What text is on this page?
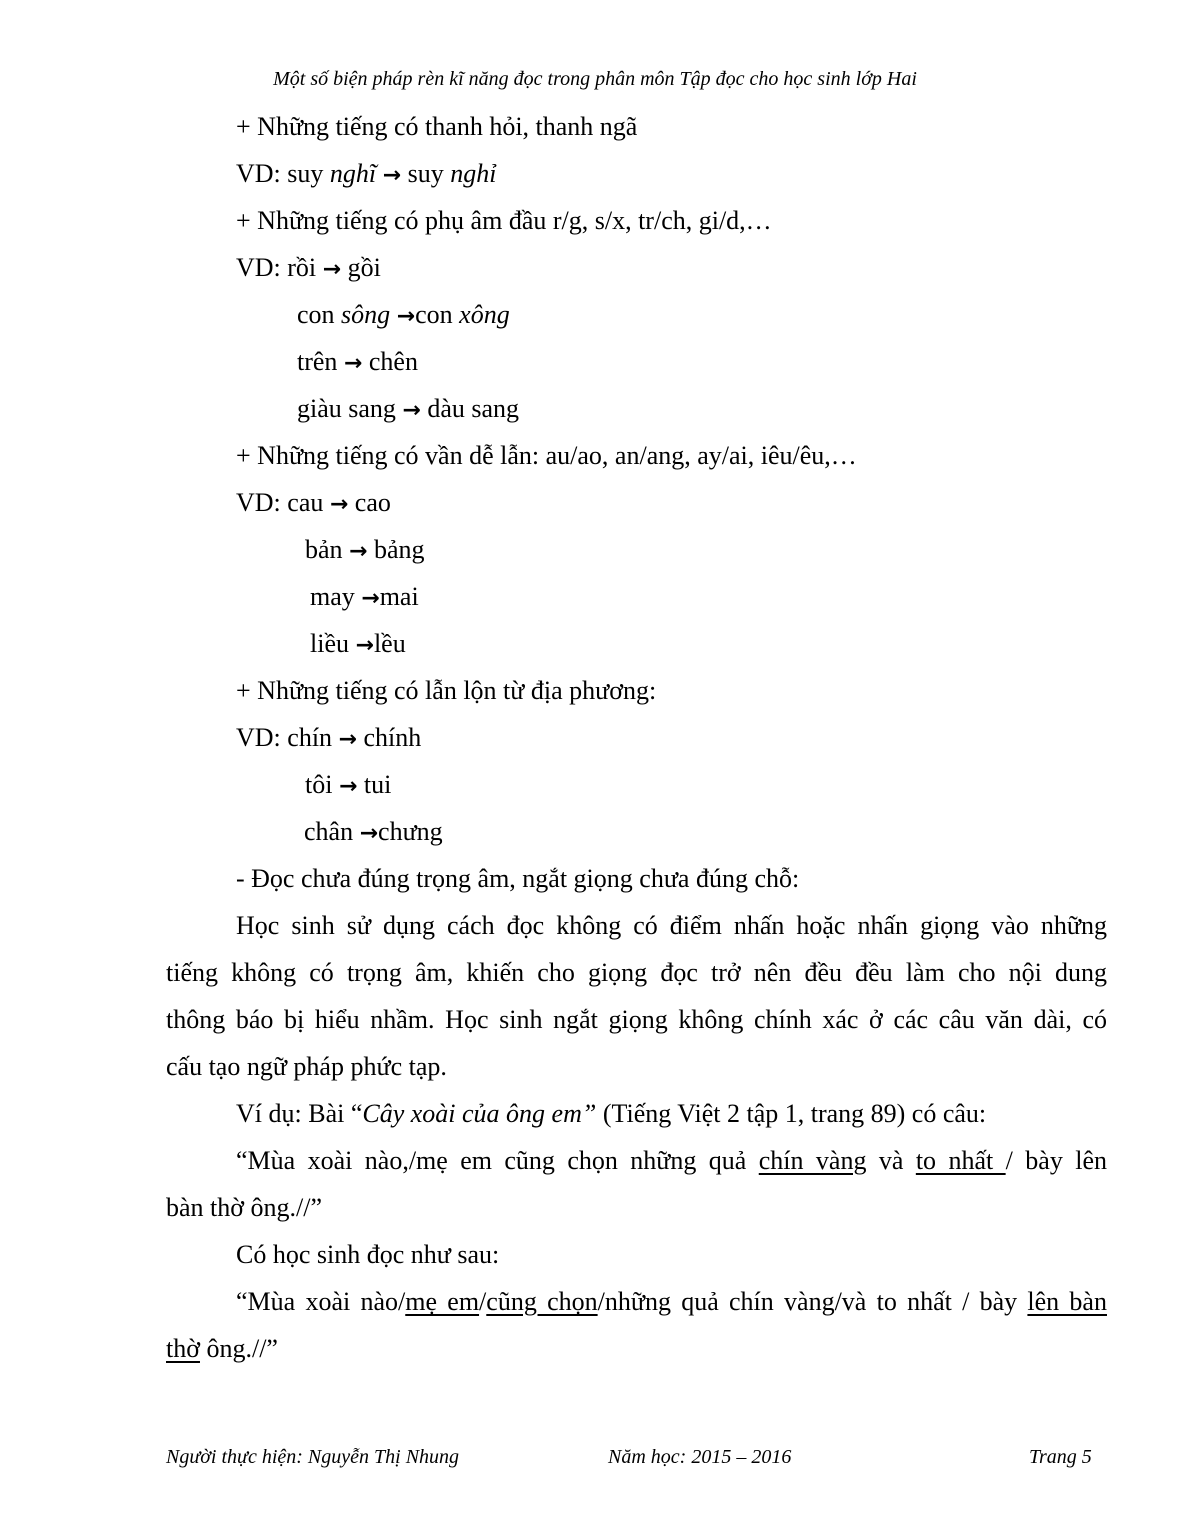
Một số biện pháp rèn kĩ năng đọc trong phân môn Tập đọc cho học sinh lớp Hai
+ Những tiếng có thanh hỏi, thanh ngã
VD: suy nghĩ → suy nghỉ
+ Những tiếng có phụ âm đầu r/g, s/x, tr/ch, gi/d,…
VD: rồi → gồi
con sông →con xông
trên → chên
giàu sang → dàu sang
+ Những tiếng có vần dễ lẫn: au/ao, an/ang, ay/ai, iêu/êu,…
VD: cau → cao
bản → bảng
may →mai
liều →lều
+ Những tiếng có lẫn lộn từ địa phương:
VD: chín → chính
tôi → tui
chân →chưng
- Đọc chưa đúng trọng âm, ngắt giọng chưa đúng chỗ:
Học sinh sử dụng cách đọc không có điểm nhấn hoặc nhấn giọng vào những
tiếng không có trọng âm, khiến cho giọng đọc trở nên đều đều làm cho nội dung
thông báo bị hiểu nhầm. Học sinh ngắt giọng không chính xác ở các câu văn dài, có
cấu tạo ngữ pháp phức tạp.
Ví dụ: Bài “Cây xoài của ông em” (Tiếng Việt 2 tập 1, trang 89) có câu:
“Mùa xoài nào,/mẹ em cũng chọn những quả chín vàng và to nhất / bày lên
bàn thờ ông.//”
Có học sinh đọc như sau:
“Mùa xoài nào/mẹ em/cũng chọn/những quả chín vàng/và to nhất / bày lên bàn
thờ ông.//”
Người thực hiện: Nguyễn Thị Nhung	Năm học: 2015 – 2016	Trang 5
